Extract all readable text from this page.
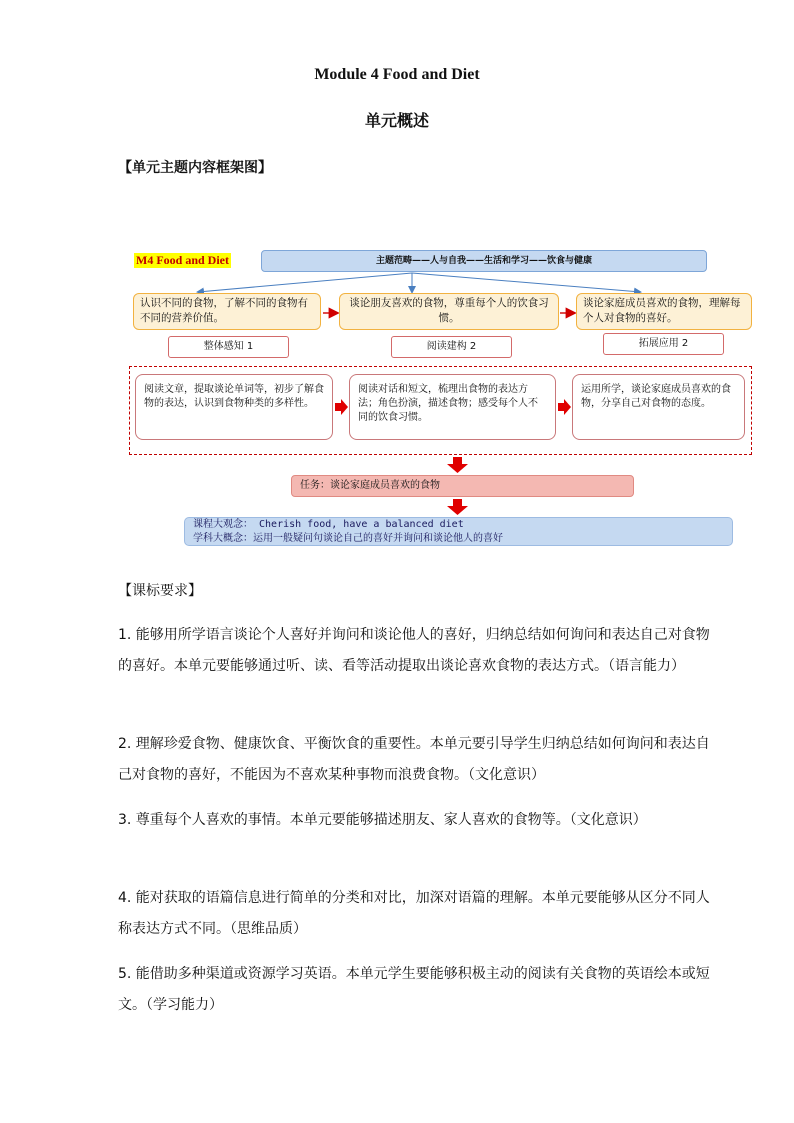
Module 4 Food and Diet
单元概述
【单元主题内容框架图】
M4 Food and Diet	主题范畴——人与自我——生活和学习——饮食与健康
认识不同的食物，了解不同的食物有不同的营养价值。
谈论朋友喜欢的食物，尊重每个人的饮食习惯。
谈论家庭成员喜欢的食物，理解每个人对食物的喜好。
整体感知 1	阅读建构 2	拓展应用 2
阅读文章，提取谈论单词等，初步了解食物的表达，认识到食物种类的多样性。
阅读对话和短文，梳理出食物的表达方法；角色扮演，描述食物；感受每个人不同的饮食习惯。
运用所学，谈论家庭成员喜欢的食物，分享自己对食物的态度。
任务：谈论家庭成员喜欢的食物
课程大观念： Cherish food, have a balanced diet
学科大概念：运用一般疑问句谈论自己的喜好并询问和谈论他人的喜好
【课标要求】
1. 能够用所学语言谈论个人喜好并询问和谈论他人的喜好，归纳总结如何询问和表达自己对食物的喜好。本单元要能够通过听、读、看等活动提取出谈论喜欢食物的表达方式。（语言能力）
2. 理解珍爱食物、健康饮食、平衡饮食的重要性。本单元要引导学生归纳总结如何询问和表达自己对食物的喜好，不能因为不喜欢某种事物而浪费食物。（文化意识）
3. 尊重每个人喜欢的事情。本单元要能够描述朋友、家人喜欢的食物等。（文化意识）
4. 能对获取的语篇信息进行简单的分类和对比，加深对语篇的理解。本单元要能够从区分不同人称表达方式不同。（思维品质）
5. 能借助多种渠道或资源学习英语。本单元学生要能够积极主动的阅读有关食物的英语绘本或短文。（学习能力）
